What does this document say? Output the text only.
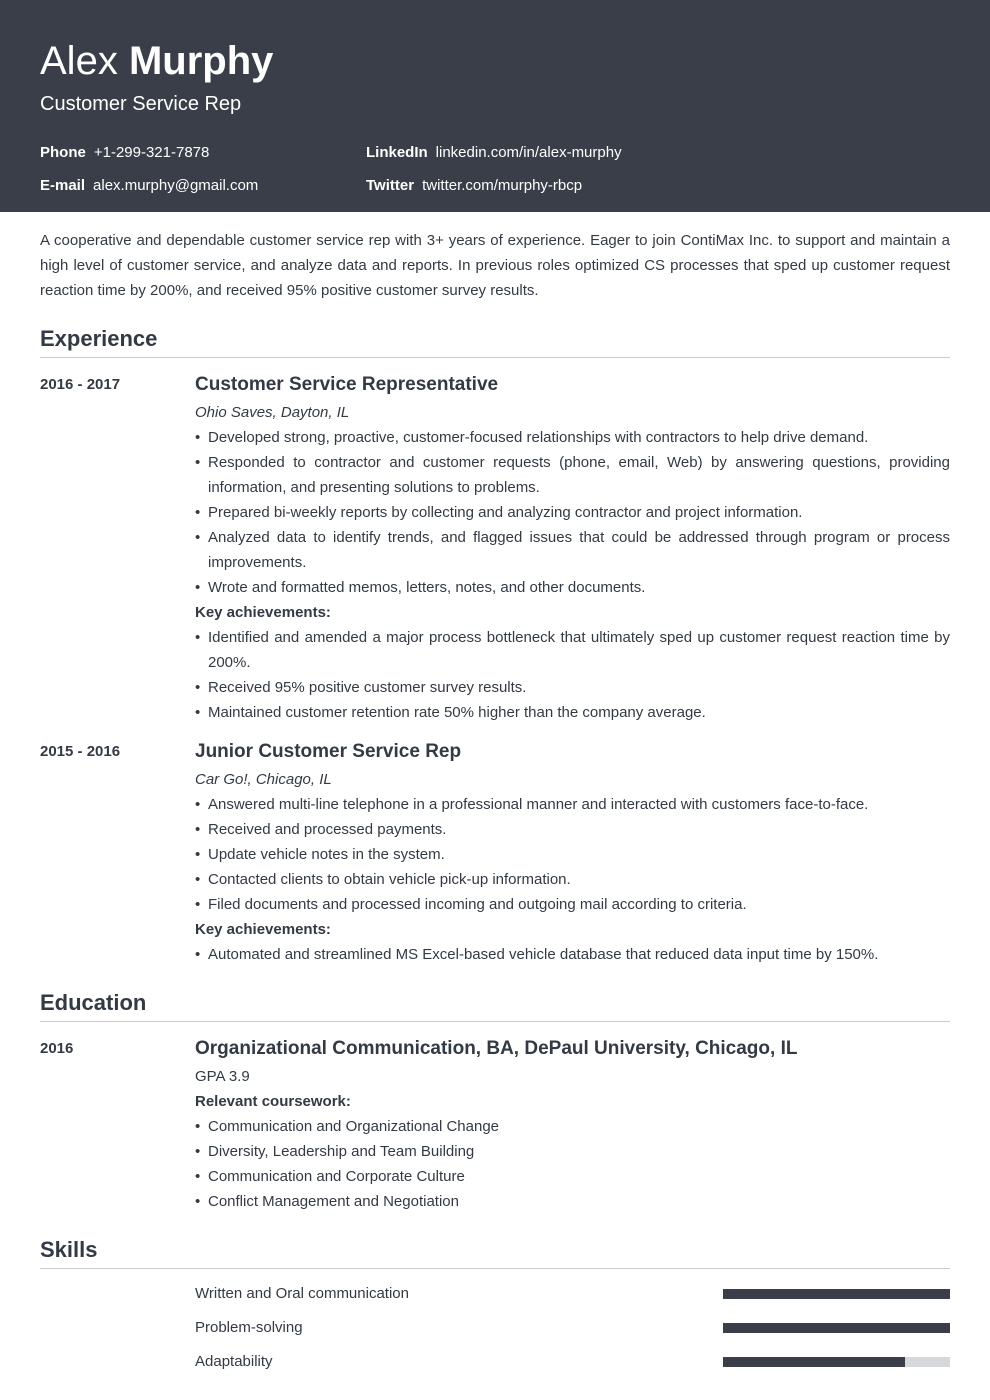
Alex Murphy
Customer Service Rep
Phone +1-299-321-7878	LinkedIn linkedin.com/in/alex-murphy
E-mail alex.murphy@gmail.com	Twitter twitter.com/murphy-rbcp

A cooperative and dependable customer service rep with 3+ years of experience. Eager to join ContiMax Inc. to support and maintain a high level of customer service, and analyze data and reports. In previous roles optimized CS processes that sped up customer request reaction time by 200%, and received 95% positive customer survey results.

Experience
2016 - 2017	Customer Service Representative
Ohio Saves, Dayton, IL
• Developed strong, proactive, customer-focused relationships with contractors to help drive demand.
• Responded to contractor and customer requests (phone, email, Web) by answering questions, providing information, and presenting solutions to problems.
• Prepared bi-weekly reports by collecting and analyzing contractor and project information.
• Analyzed data to identify trends, and flagged issues that could be addressed through program or process improvements.
• Wrote and formatted memos, letters, notes, and other documents.
Key achievements:
• Identified and amended a major process bottleneck that ultimately sped up customer request reaction time by 200%.
• Received 95% positive customer survey results.
• Maintained customer retention rate 50% higher than the company average.
2015 - 2016	Junior Customer Service Rep
Car Go!, Chicago, IL
• Answered multi-line telephone in a professional manner and interacted with customers face-to-face.
• Received and processed payments.
• Update vehicle notes in the system.
• Contacted clients to obtain vehicle pick-up information.
• Filed documents and processed incoming and outgoing mail according to criteria.
Key achievements:
• Automated and streamlined MS Excel-based vehicle database that reduced data input time by 150%.
Education
2016	Organizational Communication, BA, DePaul University, Chicago, IL
GPA 3.9
Relevant coursework:
• Communication and Organizational Change
• Diversity, Leadership and Team Building
• Communication and Corporate Culture
• Conflict Management and Negotiation
Skills
Written and Oral communication
Problem-solving
Adaptability
